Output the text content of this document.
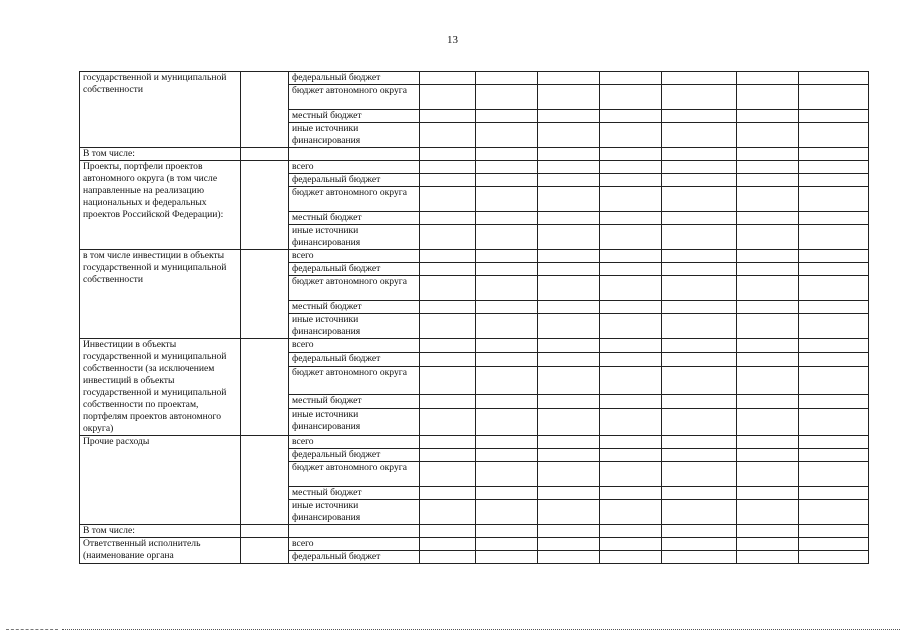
13
государственной и муниципальной собственности		федеральный бюджет							
		бюджет автономного округа							
		местный бюджет							
		иные источники финансирования							
В том числе:									
Проекты, портфели проектов автономного округа (в том числе направленные на реализацию национальных и федеральных проектов Российской Федерации):		всего							
		федеральный бюджет							
		бюджет автономного округа							
		местный бюджет							
		иные источники финансирования							
в том числе инвестиции в объекты государственной и муниципальной собственности		всего							
		федеральный бюджет							
		бюджет автономного округа							
		местный бюджет							
		иные источники финансирования							
Инвестиции в объекты государственной и муниципальной собственности (за исключением инвестиций в объекты государственной и муниципальной собственности по проектам, портфелям проектов автономного округа)		всего							
		федеральный бюджет							
		бюджет автономного округа							
		местный бюджет							
		иные источники финансирования							
Прочие расходы		всего							
		федеральный бюджет							
		бюджет автономного округа							
		местный бюджет							
		иные источники финансирования							
В том числе:									
Ответственный исполнитель (наименование органа		всего							
		федеральный бюджет							
